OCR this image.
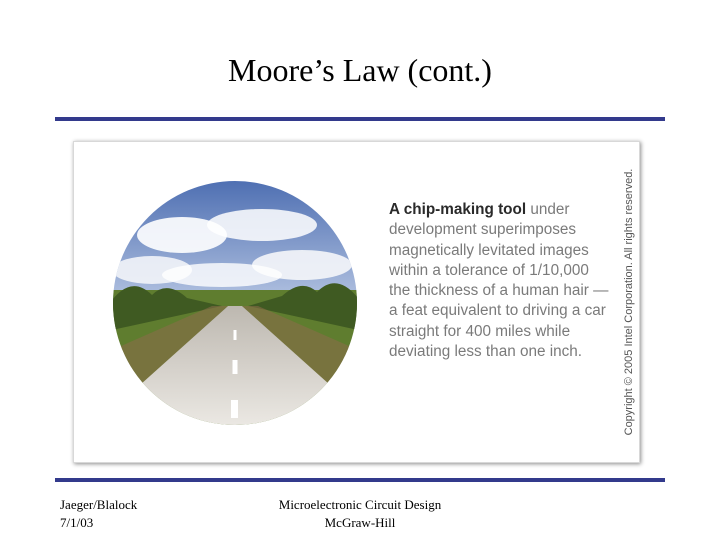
Moore’s Law (cont.)
A chip-making tool under development superimposes magnetically levitated images within a tolerance of 1/10,000 the thickness of a human hair — a feat equivalent to driving a car straight for 400 miles while deviating less than one inch.	Copyright © 2005 Intel Corporation. All rights reserved.
Jaeger/Blalock
7/1/03
Microelectronic Circuit Design
McGraw-Hill
